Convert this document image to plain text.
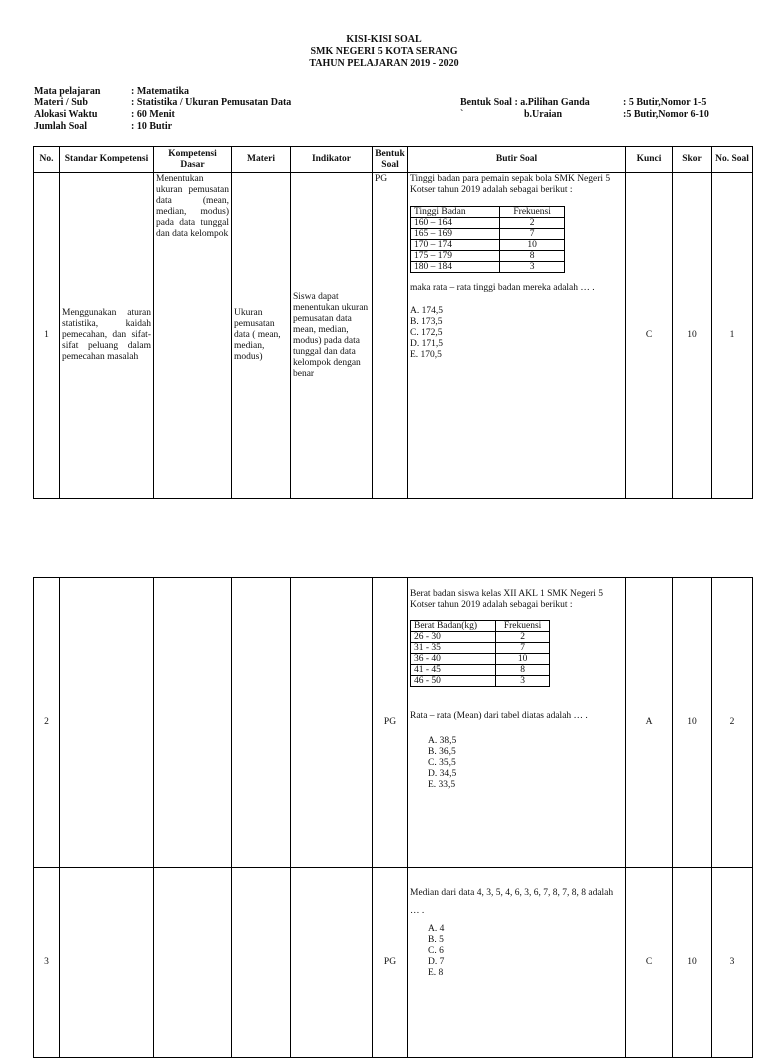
KISI-KISI SOAL
SMK NEGERI 5 KOTA SERANG
TAHUN PELAJARAN 2019 - 2020
Mata pelajaran	: Matematika
Materi / Sub	: Statistika / Ukuran Pemusatan Data
Alokasi Waktu	: 60 Menit
Jumlah Soal	: 10 Butir
Bentuk Soal : a.Pilihan Ganda	: 5 Butir,Nomor 1-5
`	b.Uraian	:5 Butir,Nomor 6-10
No.	Standar Kompetensi	Kompetensi Dasar	Materi	Indikator	Bentuk Soal	Butir Soal	Kunci	Skor	No. Soal
1	Menggunakan aturan statistika, kaidah pemecahan, dan sifat-sifat peluang dalam pemecahan masalah	Menentukan ukuran pemusatan data (mean, median, modus) pada data tunggal dan data kelompok	Ukuran pemusatan data ( mean, median, modus)	Siswa dapat menentukan ukuran pemusatan data mean, median, modus) pada data tunggal dan data kelompok dengan benar	PG	Tinggi badan para pemain sepak bola SMK Negeri 5 Kotser tahun 2019 adalah sebagai berikut :
Tinggi Badan	Frekuensi
160 – 164	2
165 – 169	7
170 – 174	10
175 – 179	8
180 – 184	3
maka rata – rata tinggi badan mereka adalah … .
A. 174,5
B. 173,5
C. 172,5
D. 171,5
E. 170,5
	C	10	1
2					PG	
Berat badan siswa kelas XII AKL 1 SMK Negeri 5 Kotser tahun 2019 adalah sebagai berikut :
Berat Badan(kg)	Frekuensi
26 - 30	2
31 - 35	7
36 - 40	10
41 - 45	8
46 - 50	3
Rata – rata (Mean) dari tabel diatas adalah … .
A. 38,5
B. 36,5
C. 35,5
D. 34,5
E. 33,5
	A	10	2
3					PG	
Median dari data 4, 3, 5, 4, 6, 3, 6, 7, 8, 7, 8, 8 adalah … .
A. 4
B. 5
C. 6
D. 7
E. 8
	C	10	3
